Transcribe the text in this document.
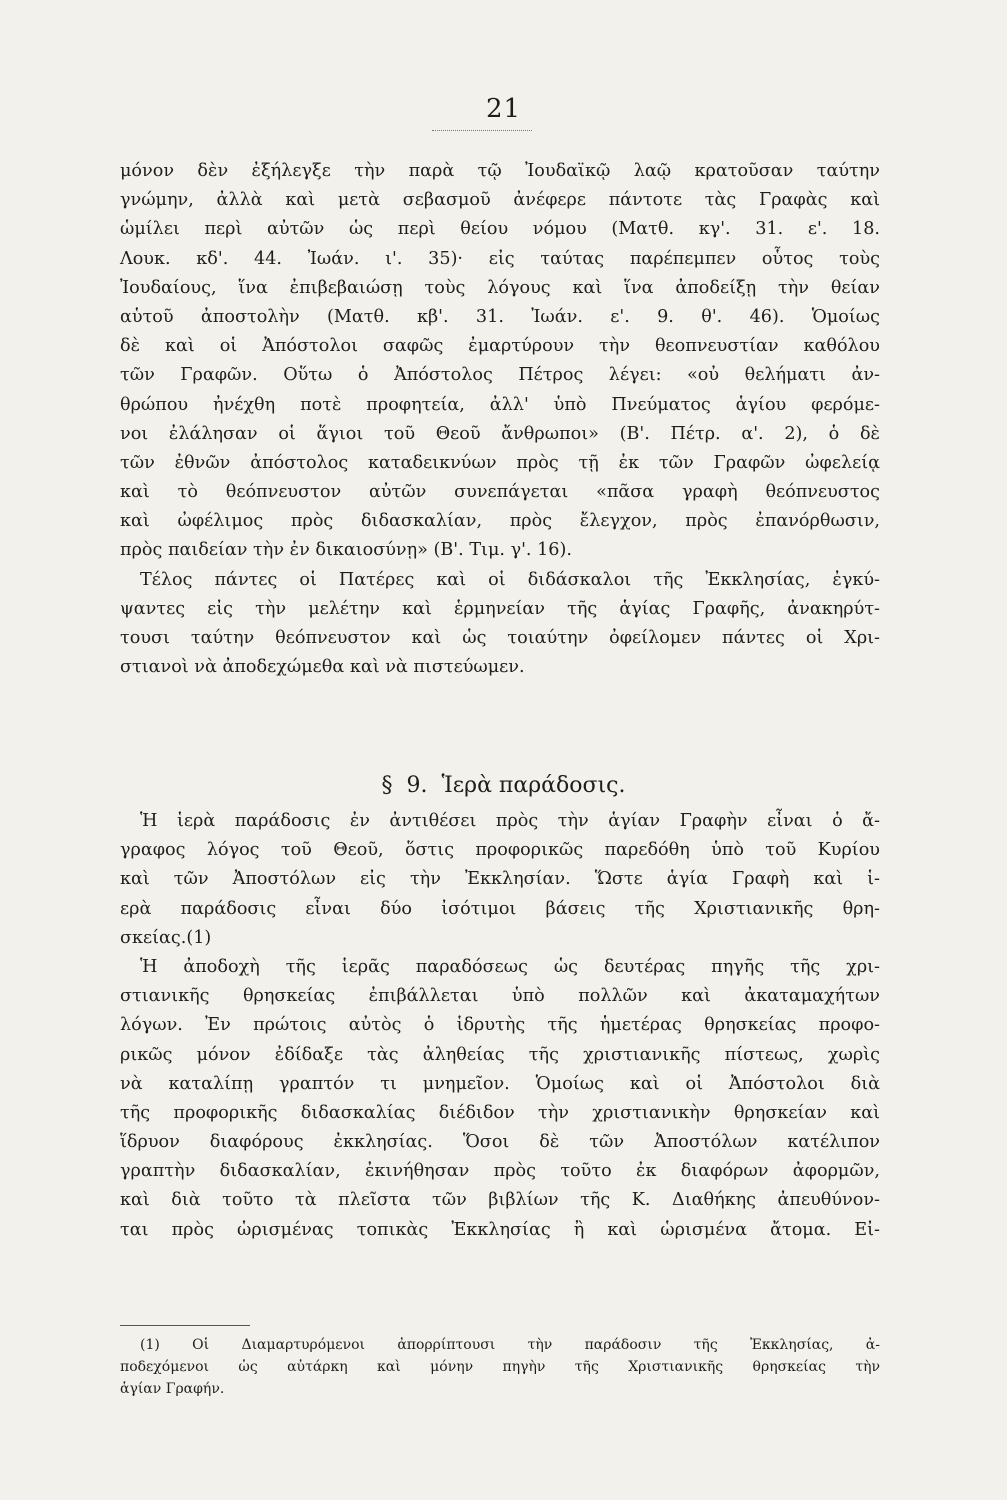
21
μόνον δὲν ἐξήλεγξε τὴν παρὰ τῷ Ἰουδαϊκῷ λαῷ κρατοῦσαν ταύτην
γνώμην, ἀλλὰ καὶ μετὰ σεβασμοῦ ἀνέφερε πάντοτε τὰς Γραφὰς καὶ
ὡμίλει περὶ αὐτῶν ὡς περὶ θείου νόμου (Ματθ. κγ'. 31. ε'. 18.
Λουκ. κδ'. 44. Ἰωάν. ι'. 35)· εἰς ταύτας παρέπεμπεν οὗτος τοὺς
Ἰουδαίους, ἵνα ἐπιβεβαιώσῃ τοὺς λόγους καὶ ἵνα ἀποδείξῃ τὴν θείαν
αὑτοῦ ἀποστολὴν (Ματθ. κβ'. 31. Ἰωάν. ε'. 9. θ'. 46). Ὁμοίως
δὲ καὶ οἱ Ἀπόστολοι σαφῶς ἐμαρτύρουν τὴν θεοπνευστίαν καθόλου
τῶν Γραφῶν. Οὕτω ὁ Ἀπόστολος Πέτρος λέγει: «οὐ θελήματι ἀν-
θρώπου ἠνέχθη ποτὲ προφητεία, ἀλλ' ὑπὸ Πνεύματος ἁγίου φερόμε-
νοι ἐλάλησαν οἱ ἅγιοι τοῦ Θεοῦ ἄνθρωποι» (Β'. Πέτρ. α'. 2), ὁ δὲ
τῶν ἐθνῶν ἀπόστολος καταδεικνύων πρὸς τῇ ἐκ τῶν Γραφῶν ὠφελείᾳ
καὶ τὸ θεόπνευστον αὐτῶν συνεπάγεται «πᾶσα γραφὴ θεόπνευστος
καὶ ὠφέλιμος πρὸς διδασκαλίαν, πρὸς ἔλεγχον, πρὸς ἐπανόρθωσιν,
πρὸς παιδείαν τὴν ἐν δικαιοσύνῃ» (Β'. Τιμ. γ'. 16).
Τέλος πάντες οἱ Πατέρες καὶ οἱ διδάσκαλοι τῆς Ἐκκλησίας, ἐγκύ-
ψαντες εἰς τὴν μελέτην καὶ ἑρμηνείαν τῆς ἁγίας Γραφῆς, ἀνακηρύτ-
τουσι ταύτην θεόπνευστον καὶ ὡς τοιαύτην ὀφείλομεν πάντες οἱ Χρι-
στιανοὶ νὰ ἀποδεχώμεθα καὶ νὰ πιστεύωμεν.
§ 9. Ἱερὰ παράδοσις.
Ἡ ἱερὰ παράδοσις ἐν ἀντιθέσει πρὸς τὴν ἁγίαν Γραφὴν εἶναι ὁ ἄ-
γραφος λόγος τοῦ Θεοῦ, ὅστις προφορικῶς παρεδόθη ὑπὸ τοῦ Κυρίου
καὶ τῶν Ἀποστόλων εἰς τὴν Ἐκκλησίαν. Ὥστε ἁγία Γραφὴ καὶ ἱ-
ερὰ παράδοσις εἶναι δύο ἰσότιμοι βάσεις τῆς Χριστιανικῆς θρη-
σκείας.(1)
Ἡ ἀποδοχὴ τῆς ἱερᾶς παραδόσεως ὡς δευτέρας πηγῆς τῆς χρι-
στιανικῆς θρησκείας ἐπιβάλλεται ὑπὸ πολλῶν καὶ ἀκαταμαχήτων
λόγων. Ἐν πρώτοις αὐτὸς ὁ ἱδρυτὴς τῆς ἡμετέρας θρησκείας προφο-
ρικῶς μόνον ἐδίδαξε τὰς ἀληθείας τῆς χριστιανικῆς πίστεως, χωρὶς
νὰ καταλίπῃ γραπτόν τι μνημεῖον. Ὁμοίως καὶ οἱ Ἀπόστολοι διὰ
τῆς προφορικῆς διδασκαλίας διέδιδον τὴν χριστιανικὴν θρησκείαν καὶ
ἵδρυον διαφόρους ἐκκλησίας. Ὅσοι δὲ τῶν Ἀποστόλων κατέλιπον
γραπτὴν διδασκαλίαν, ἐκινήθησαν πρὸς τοῦτο ἐκ διαφόρων ἀφορμῶν,
καὶ διὰ τοῦτο τὰ πλεῖστα τῶν βιβλίων τῆς Κ. Διαθήκης ἀπευθύνον-
ται πρὸς ὡρισμένας τοπικὰς Ἐκκλησίας ἢ καὶ ὡρισμένα ἄτομα. Εἰ-
(1) Οἱ Διαμαρτυρόμενοι ἀπορρίπτουσι τὴν παράδοσιν τῆς Ἐκκλησίας, ἀ-
ποδεχόμενοι ὡς αὐτάρκη καὶ μόνην πηγὴν τῆς Χριστιανικῆς θρησκείας τὴν
ἁγίαν Γραφήν.
